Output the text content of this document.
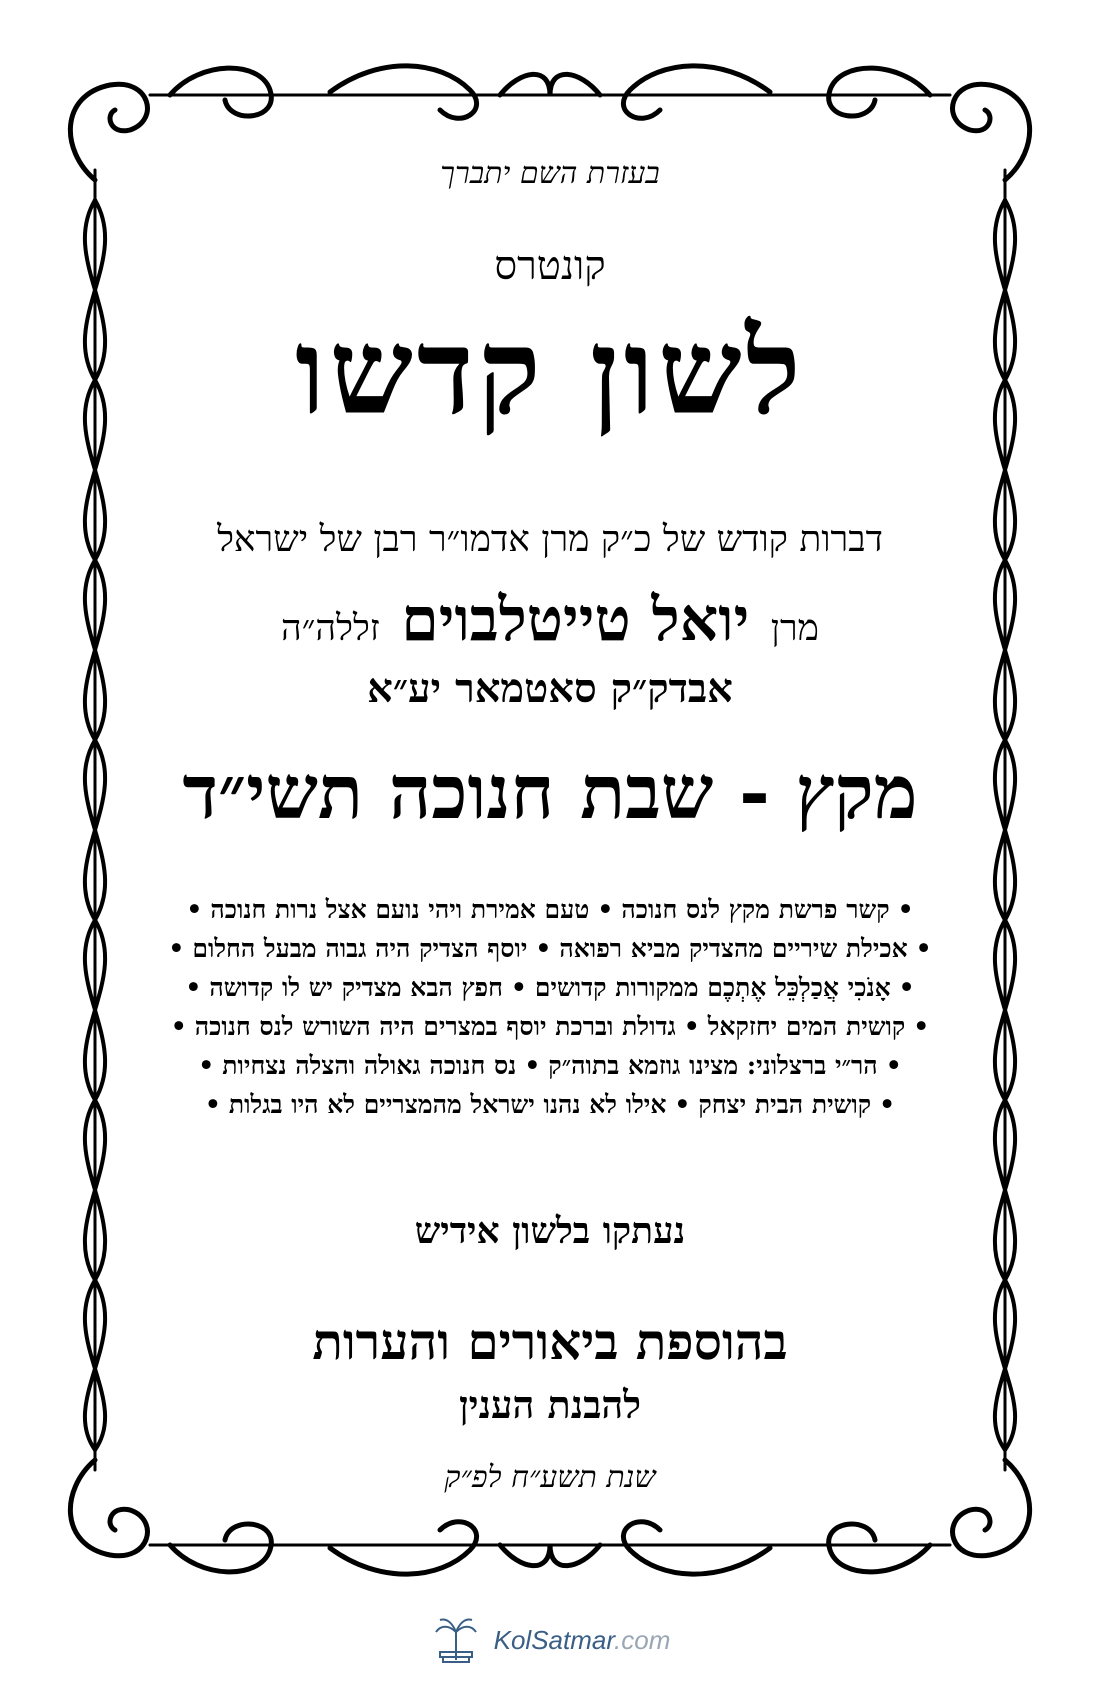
בעזרת השם יתברך
קונטרס
לשון קדשו
דברות קודש של כ״ק מרן אדמו״ר רבן של ישראל
מרן יואל טייטלבוים זללה״ה
אבדק״ק סאטמאר יע״א
מקץ - שבת חנוכה תשי״ד
•קשר פרשת מקץ לנס חנוכה•טעם אמירת ויהי נועם אצל נרות חנוכה•
•אכילת שיריים מהצדיק מביא רפואה•יוסף הצדיק היה גבוה מבעל החלום•
•אָנֹכִי אֲכַלְכֵּל אֶתְכֶם ממקורות קדושים•חפץ הבא מצדיק יש לו קדושה•
•קושית המים יחזקאל•גדולת וברכת יוסף במצרים היה השורש לנס חנוכה•
•הר״י ברצלוני: מצינו גוזמא בתוה״ק•נס חנוכה גאולה והצלה נצחיות•
•קושית הבית יצחק•אילו לא נהנו ישראל מהמצריים לא היו בגלות•
נעתקו בלשון אידיש
בהוספת ביאורים והערות
להבנת הענין
שנת תשע״ח לפ״ק
KolSatmar.com
